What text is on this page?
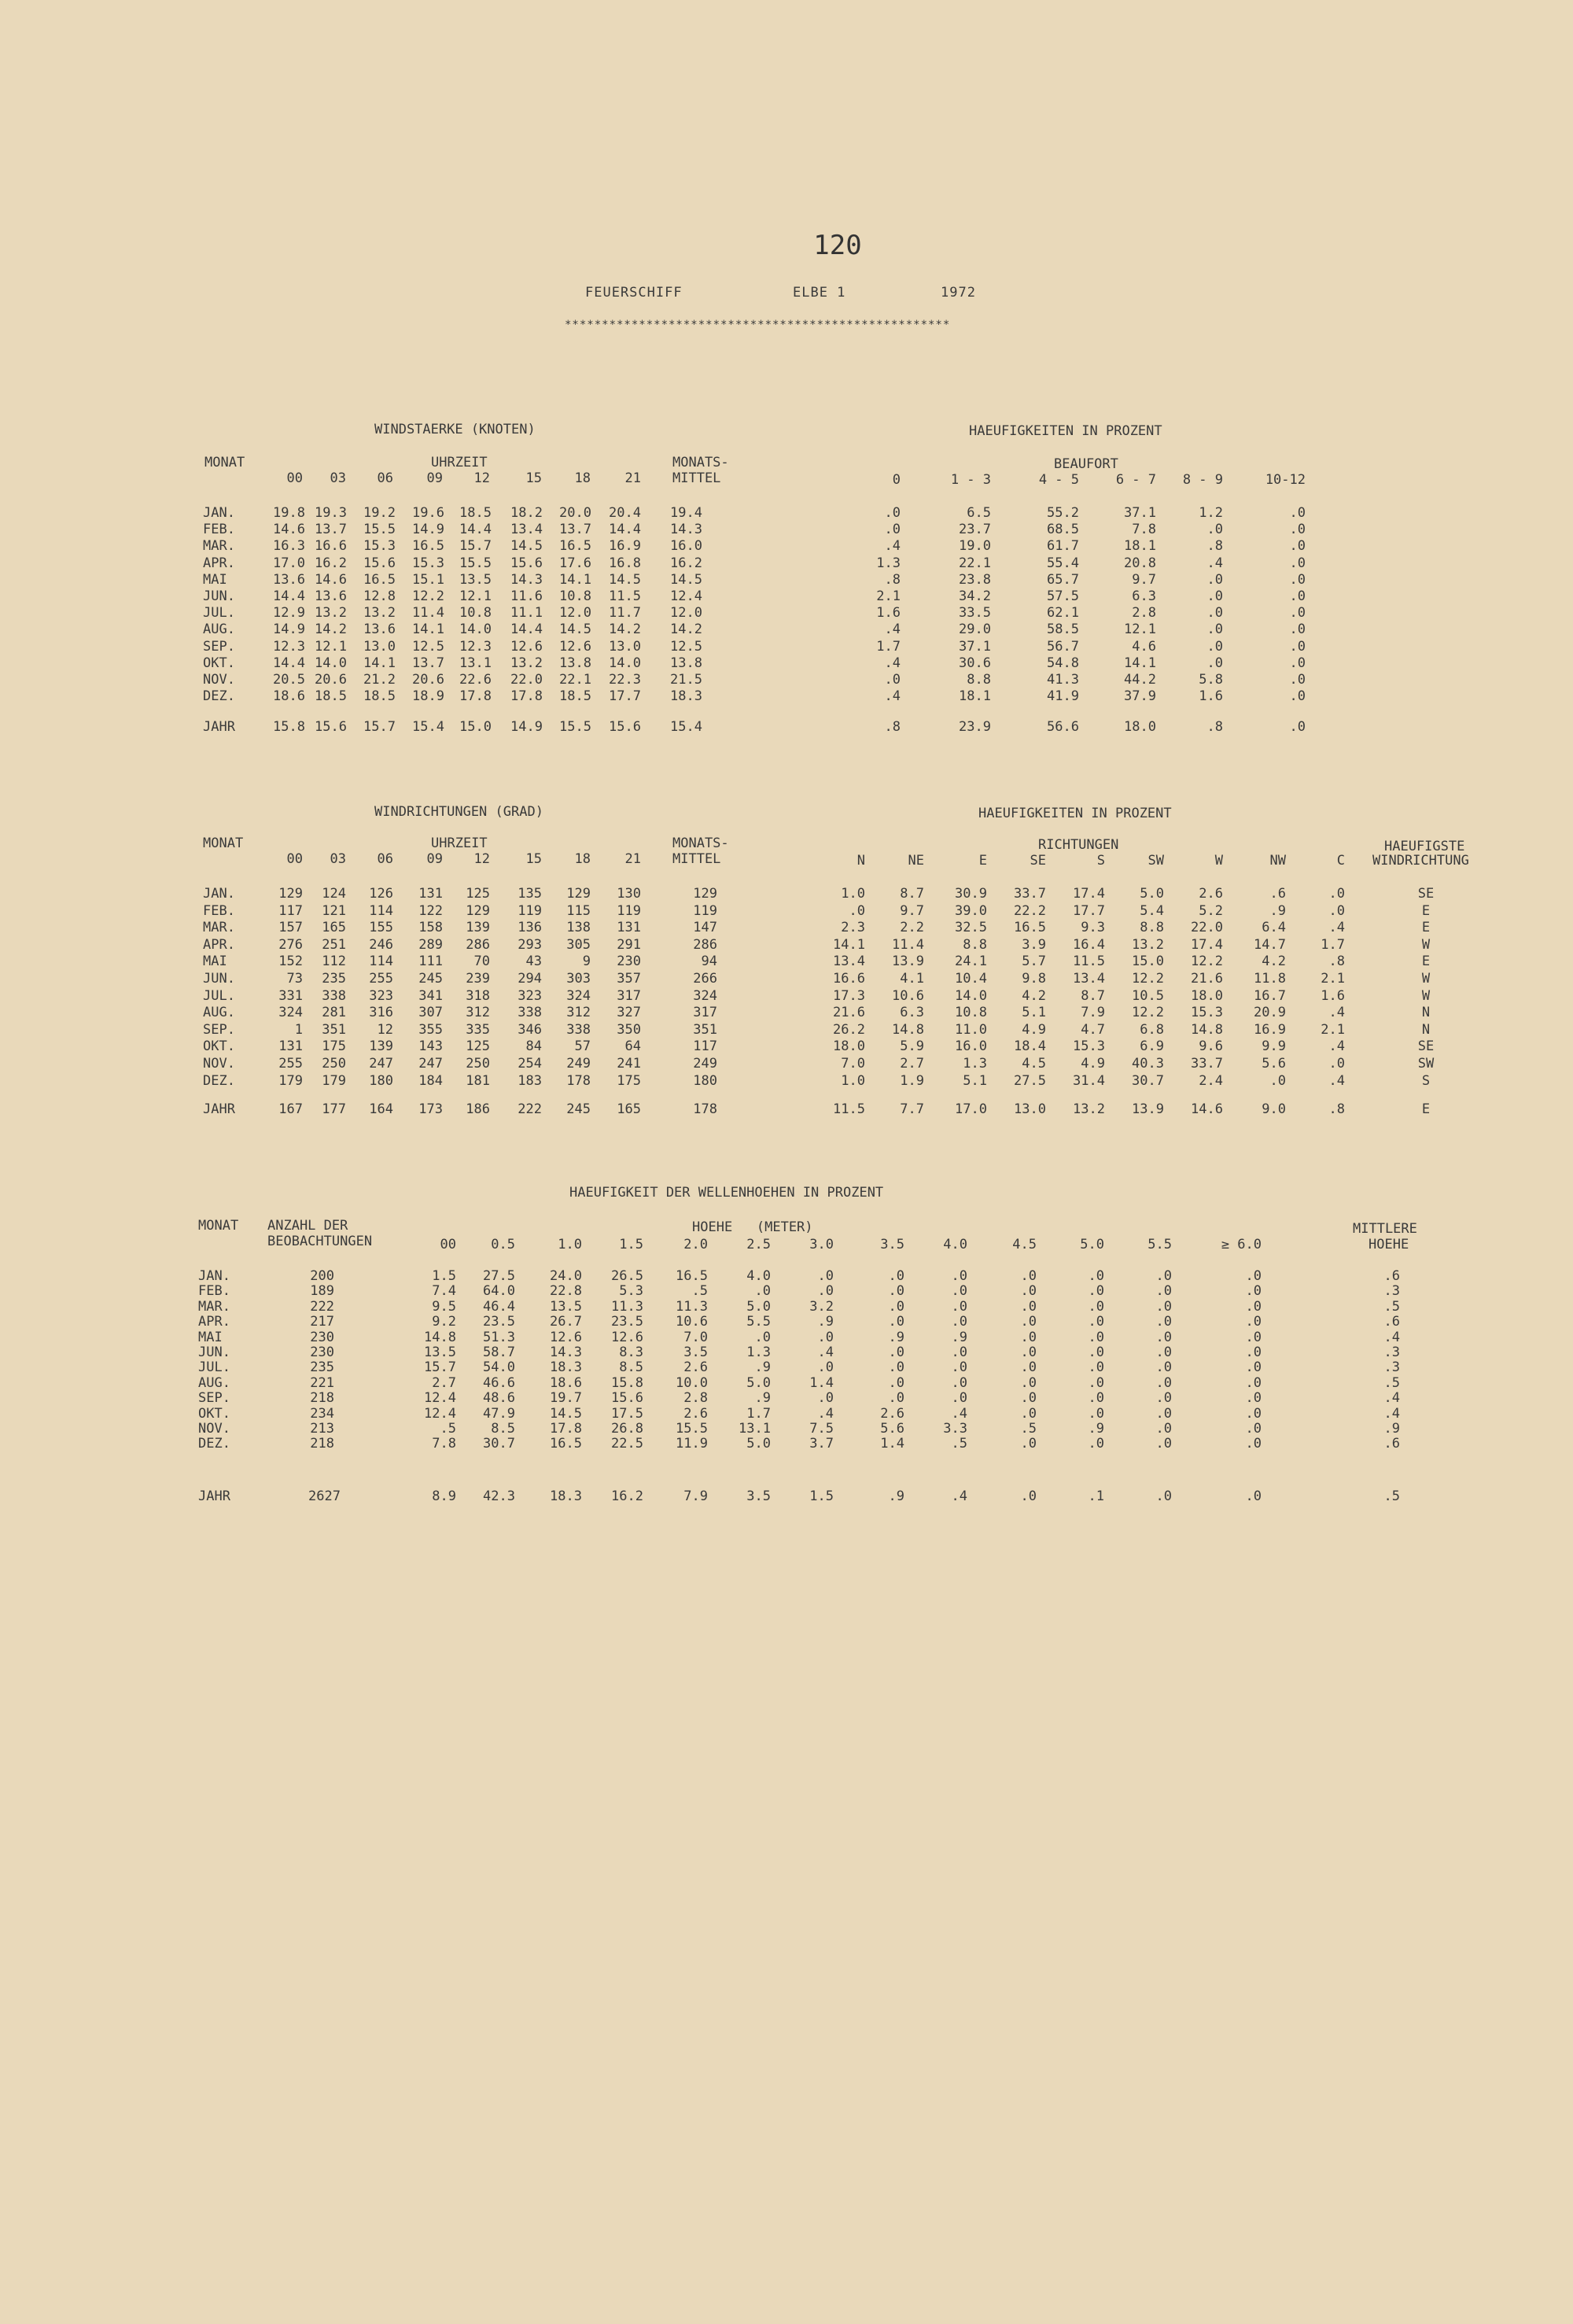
120
FEUERSCHIFF	ELBE 1	1972
****************************************************
WINDSTAERKE (KNOTEN)	HAEUFIGKEITEN IN PROZENT
MONAT	UHRZEIT	MONATS-	BEAUFORT
00	03	06	09	12	15	18	21 MITTEL	0	1 - 3	4 - 5	6 - 7	8 - 9	10-12
JAN.	19.8 19.3	19.2	19.6	18.5	18.2	20.0	20.4	19.4	.0	6.5	55.2	37.1	1.2	.0
FEB.	14.6 13.7	15.5	14.9	14.4	13.4	13.7	14.4	14.3	.0	23.7	68.5	7.8	.0	.0
MAR.	16.3 16.6	15.3	16.5	15.7	14.5	16.5	16.9	16.0	.4	19.0	61.7	18.1	.8	.0
APR.	17.0 16.2	15.6	15.3	15.5	15.6	17.6	16.8	16.2	1.3	22.1	55.4	20.8	.4	.0
MAI	13.6 14.6	16.5	15.1	13.5	14.3	14.1	14.5	14.5	.8	23.8	65.7	9.7	.0	.0
JUN.	14.4 13.6	12.8	12.2	12.1	11.6	10.8	11.5	12.4	2.1	34.2	57.5	6.3	.0	.0
JUL.	12.9 13.2	13.2	11.4	10.8	11.1	12.0	11.7	12.0	1.6	33.5	62.1	2.8	.0	.0
AUG.	14.9 14.2	13.6	14.1	14.0	14.4	14.5	14.2	14.2	.4	29.0	58.5	12.1	.0	.0
SEP.	12.3 12.1	13.0	12.5	12.3	12.6	12.6	13.0	12.5	1.7	37.1	56.7	4.6	.0	.0
OKT.	14.4 14.0	14.1	13.7	13.1	13.2	13.8	14.0	13.8	.4	30.6	54.8	14.1	.0	.0
NOV.	20.5 20.6	21.2	20.6	22.6	22.0	22.1	22.3	21.5	.0	8.8	41.3	44.2	5.8	.0
DEZ.	18.6 18.5	18.5	18.9	17.8	17.8	18.5	17.7	18.3	.4	18.1	41.9	37.9	1.6	.0
JAHR	15.8 15.6	15.7	15.4	15.0	14.9	15.5	15.6	15.4	.8	23.9	56.6	18.0	.8	.0
WINDRICHTUNGEN (GRAD)	HAEUFIGKEITEN IN PROZENT
MONAT	UHRZEIT	MONATS-	RICHTUNGEN	HAEUFIGSTE
WINDRICHTUNG
00	03	06	09	12	15	18	21 MITTEL	N	NE	E	SE	S	SW	W	NW	C
JAN.	129	124	126	131	125	135	129	130	129	1.0	8.7	30.9	33.7	17.4	5.0	2.6	.6	.0	SE
FEB.	117	121	114	122	129	119	115	119	119	.0	9.7	39.0	22.2	17.7	5.4	5.2	.9	.0	E
MAR.	157	165	155	158	139	136	138	131	147	2.3	2.2	32.5	16.5	9.3	8.8	22.0	6.4	.4	E
APR.	276	251	246	289	286	293	305	291	286	14.1	11.4	8.8	3.9	16.4	13.2	17.4	14.7	1.7	W
MAI	152	112	114	111	70	43	9	230	94	13.4	13.9	24.1	5.7	11.5	15.0	12.2	4.2	.8	E
JUN.	73	235	255	245	239	294	303	357	266	16.6	4.1	10.4	9.8	13.4	12.2	21.6	11.8	2.1	W
JUL.	331	338	323	341	318	323	324	317	324	17.3	10.6	14.0	4.2	8.7	10.5	18.0	16.7	1.6	W
AUG.	324	281	316	307	312	338	312	327	317	21.6	6.3	10.8	5.1	7.9	12.2	15.3	20.9	.4	N
SEP.	1	351	12	355	335	346	338	350	351	26.2	14.8	11.0	4.9	4.7	6.8	14.8	16.9	2.1	N
OKT.	131	175	139	143	125	84	57	64	117	18.0	5.9	16.0	18.4	15.3	6.9	9.6	9.9	.4	SE
NOV.	255	250	247	247	250	254	249	241	249	7.0	2.7	1.3	4.5	4.9	40.3	33.7	5.6	.0	SW
DEZ.	179	179	180	184	181	183	178	175	180	1.0	1.9	5.1	27.5	31.4	30.7	2.4	.0	.4	S
JAHR	167	177	164	173	186	222	245	165	178	11.5	7.7	17.0	13.0	13.2	13.9	14.6	9.0	.8	E
HAEUFIGKEIT DER WELLENHOEHEN IN PROZENT
MONAT ANZAHL DER
BEOBACHTUNGEN
HOEHE   (METER)	MITTLERE
HOEHE
00	0.5	1.0	1.5	2.0	2.5	3.0	3.5	4.0	4.5	5.0	5.5	≥ 6.0
JAN.	200	1.5	27.5	24.0	26.5	16.5	4.0	.0	.0	.0	.0	.0	.0	.0	.6
FEB.	189	7.4	64.0	22.8	5.3	.5	.0	.0	.0	.0	.0	.0	.0	.0	.3
MAR.	222	9.5	46.4	13.5	11.3	11.3	5.0	3.2	.0	.0	.0	.0	.0	.0	.5
APR.	217	9.2	23.5	26.7	23.5	10.6	5.5	.9	.0	.0	.0	.0	.0	.0	.6
MAI	230	14.8	51.3	12.6	12.6	7.0	.0	.0	.9	.9	.0	.0	.0	.0	.4
JUN.	230	13.5	58.7	14.3	8.3	3.5	1.3	.4	.0	.0	.0	.0	.0	.0	.3
JUL.	235	15.7	54.0	18.3	8.5	2.6	.9	.0	.0	.0	.0	.0	.0	.0	.3
AUG.	221	2.7	46.6	18.6	15.8	10.0	5.0	1.4	.0	.0	.0	.0	.0	.0	.5
SEP.	218	12.4	48.6	19.7	15.6	2.8	.9	.0	.0	.0	.0	.0	.0	.0	.4
OKT.	234	12.4	47.9	14.5	17.5	2.6	1.7	.4	2.6	.4	.0	.0	.0	.0	.4
NOV.	213	.5	8.5	17.8	26.8	15.5	13.1	7.5	5.6	3.3	.5	.9	.0	.0	.9
DEZ.	218	7.8	30.7	16.5	22.5	11.9	5.0	3.7	1.4	.5	.0	.0	.0	.0	.6
JAHR	2627	8.9	42.3	18.3	16.2	7.9	3.5	1.5	.9	.4	.0	.1	.0	.0	.5
